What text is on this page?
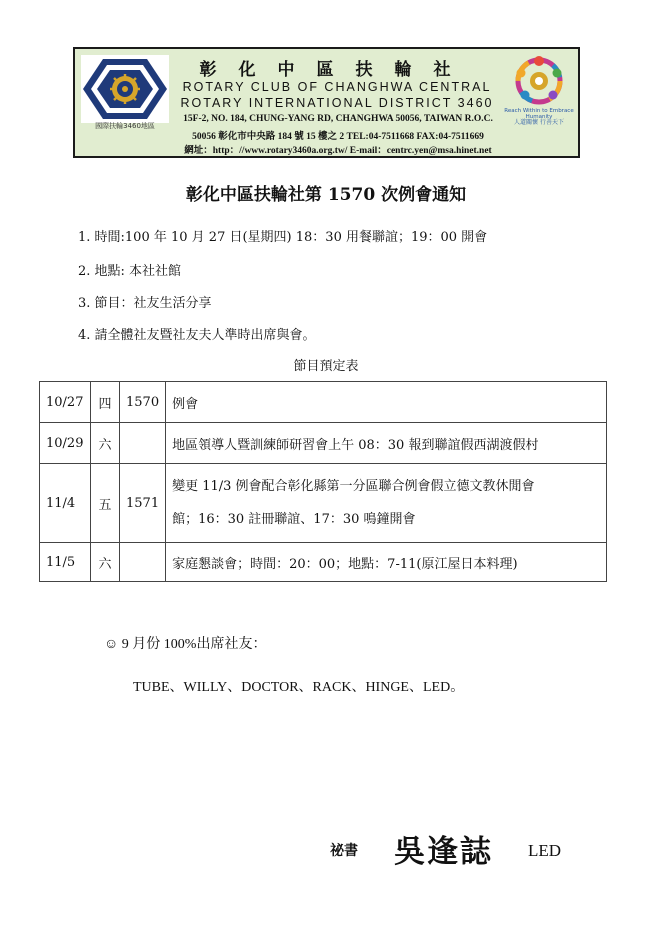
國際扶輪3460地區
彰化中區扶輪社
ROTARY CLUB OF CHANGHWA CENTRAL
ROTARY INTERNATIONAL DISTRICT 3460
15F-2, NO. 184, CHUNG-YANG RD, CHANGHWA 50056, TAIWAN R.O.C.
50056 彰化市中央路 184 號 15 樓之 2 TEL:04-7511668 FAX:04-7511669
網址：http：//www.rotary3460a.org.tw/ E-mail：centrc.yen@msa.hinet.net
Reach Within to Embrace Humanity
人道關懷 行善天下
彰化中區扶輪社第 1570 次例會通知
1. 時間:100 年 10 月 27 日(星期四) 18：30 用餐聯誼；19：00 開會
2. 地點: 本社社館
3. 節目：社友生活分享
4. 請全體社友暨社友夫人準時出席與會。
節目預定表
10/27	四	1570	例會
10/29	六		地區領導人暨訓練師研習會上午 08：30 報到聯誼假西湖渡假村
11/4	五	1571	變更 11/3 例會配合彰化縣第一分區聯合例會假立德文教休閒會
館；16：30 註冊聯誼、17：30 鳴鐘開會

11/5	六		家庭懇談會；時間：20：00；地點：7-11(原江屋日本料理)
☺ 9 月份 100%出席社友：
TUBE、WILLY、DOCTOR、RACK、HINGE、LED。
祕書 吳逢誌 LED
